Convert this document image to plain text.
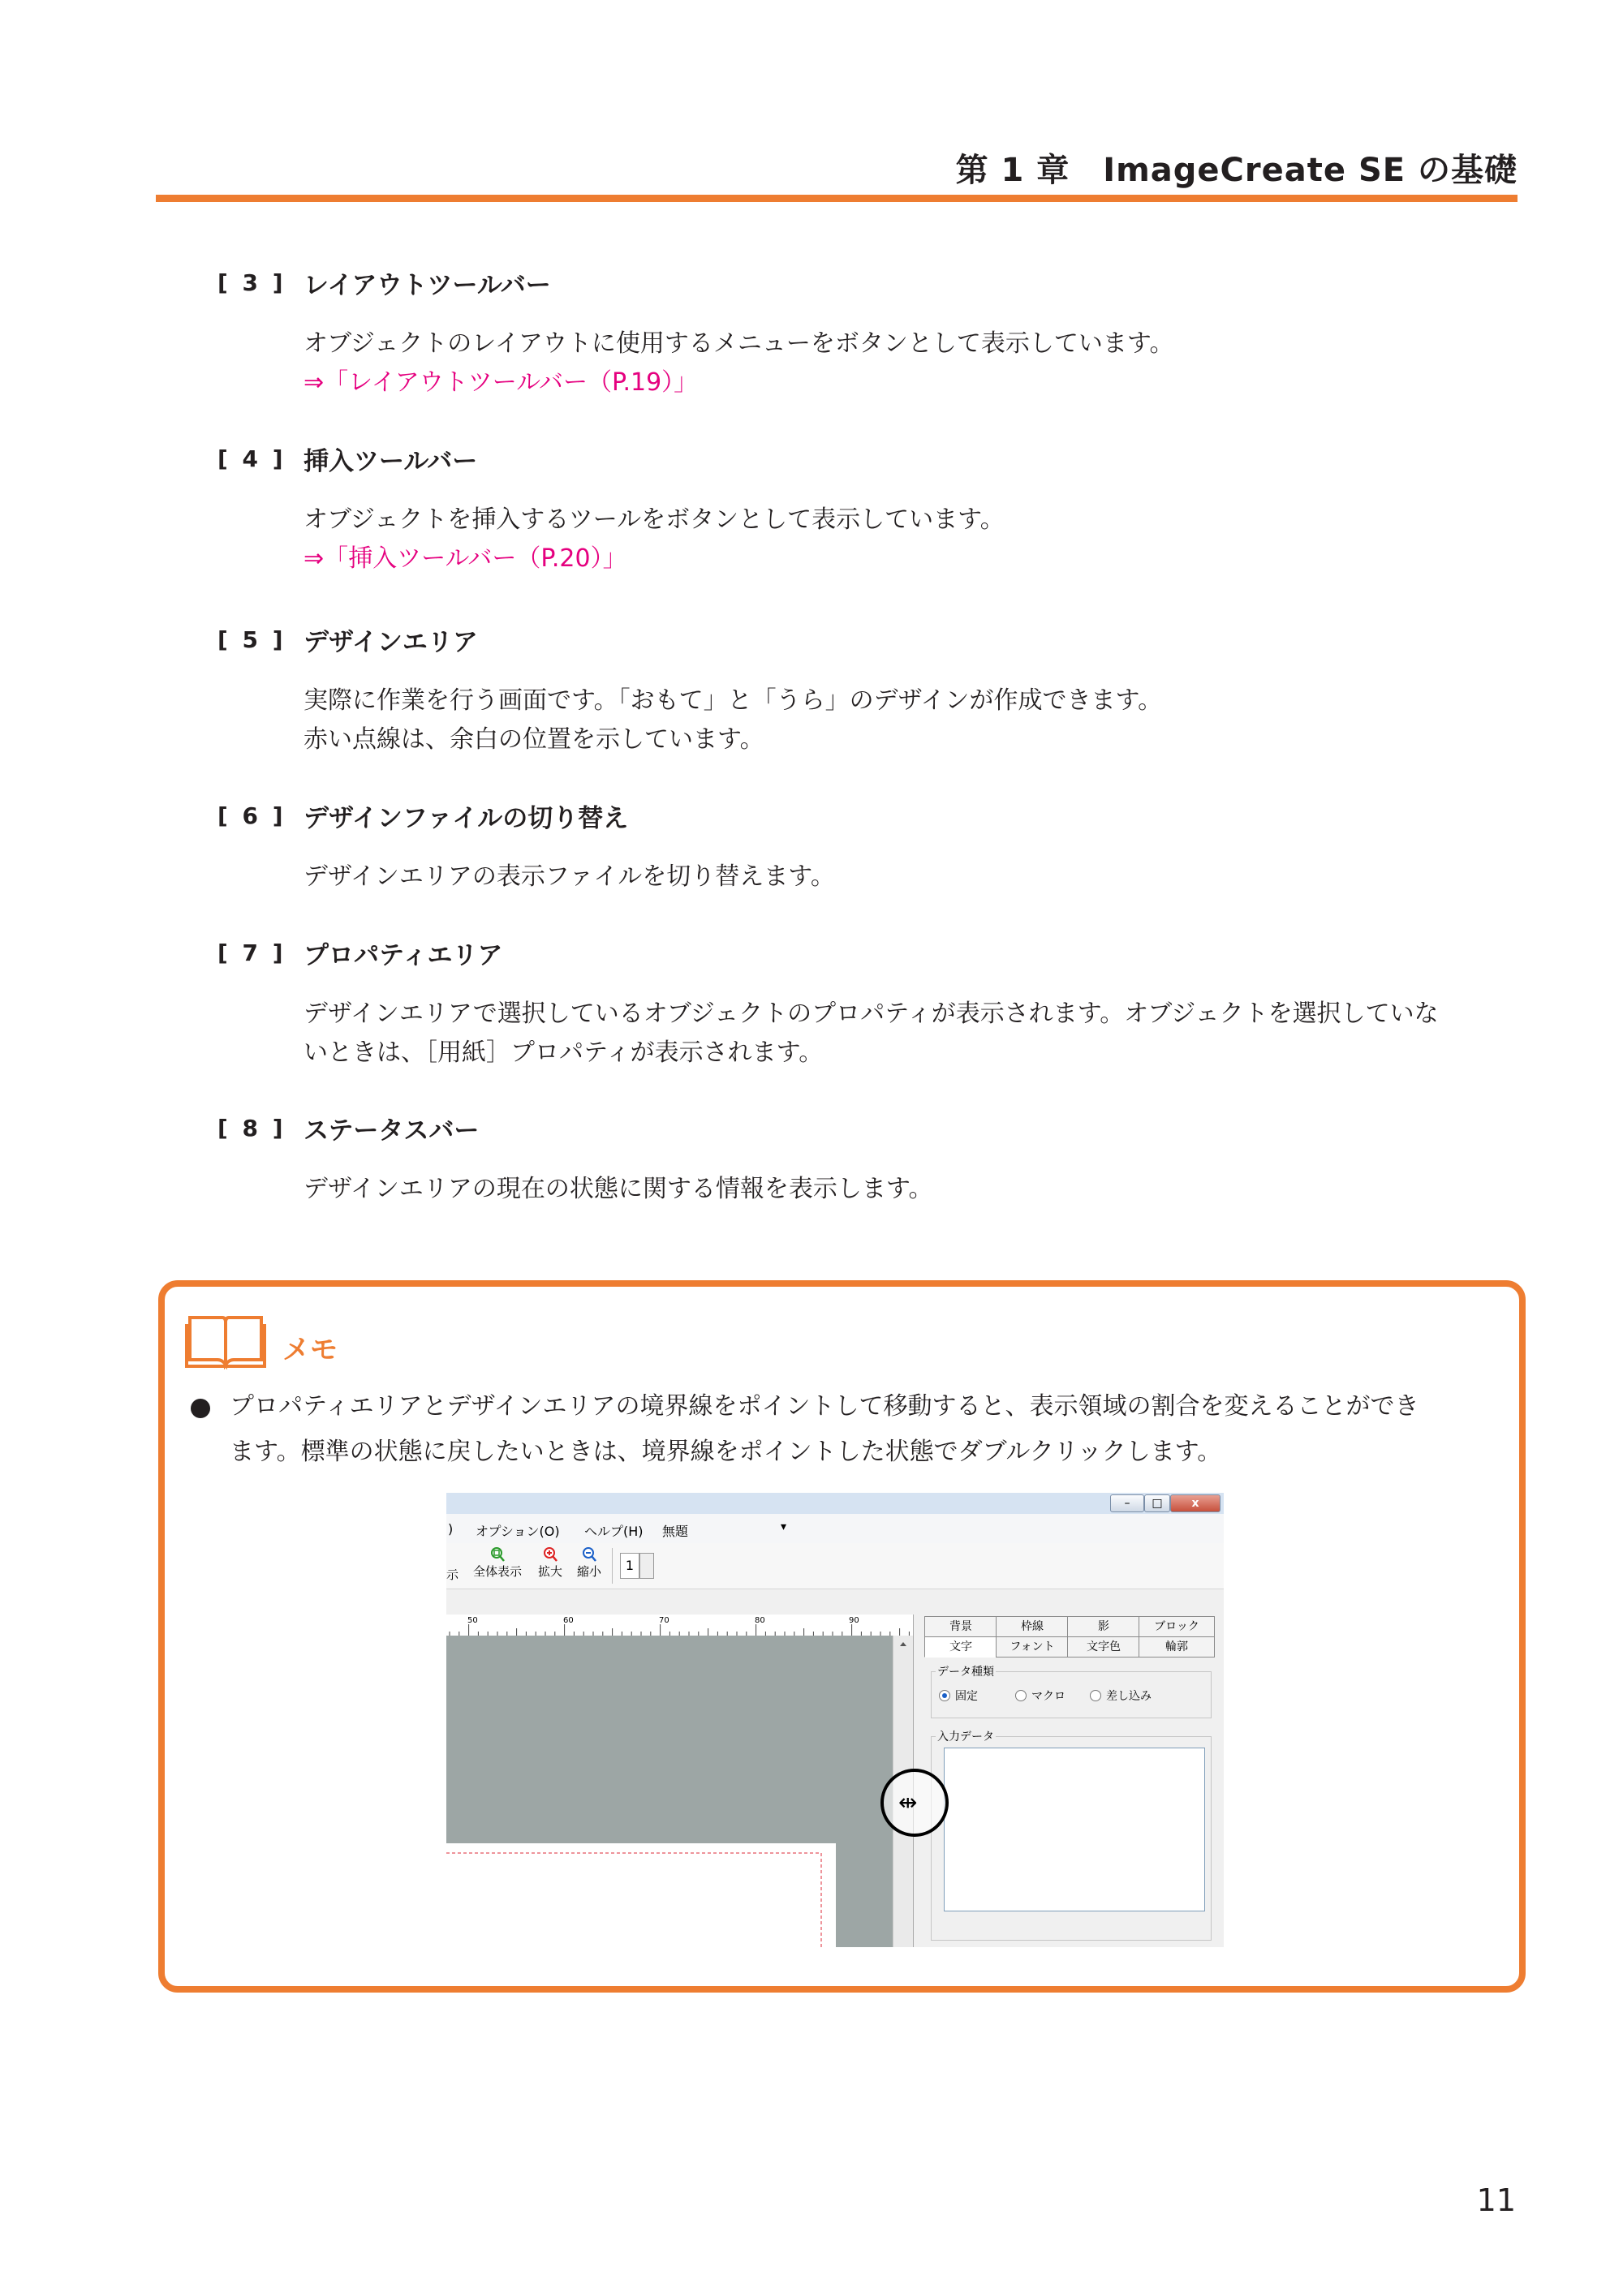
第 1 章　ImageCreate SE の基礎
[ 3 ] レイアウトツールバー
オブジェクトのレイアウトに使用するメニューをボタンとして表示しています。
⇒「レイアウトツールバー（P.19）」
[ 4 ] 挿入ツールバー
オブジェクトを挿入するツールをボタンとして表示しています。
⇒「挿入ツールバー（P.20）」
[ 5 ] デザインエリア
実際に作業を行う画面です。「おもて」と「うら」のデザインが作成できます。
赤い点線は、余白の位置を示しています。
[ 6 ] デザインファイルの切り替え
デザインエリアの表示ファイルを切り替えます。
[ 7 ] プロパティエリア
デザインエリアで選択しているオブジェクトのプロパティが表示されます。オブジェクトを選択していな
いときは、［用紙］プロパティが表示されます。
[ 8 ] ステータスバー
デザインエリアの現在の状態に関する情報を表示します。
メモ
プロパティエリアとデザインエリアの境界線をポイントして移動すると、表示領域の割合を変えることができ
ます。標準の状態に戻したいときは、境界線をポイントした状態でダブルクリックします。
–	□	x
) オプション(O) ヘルプ(H) 無題	▾
示 全体表示 拡大 縮小	1
50	60	70	80	90	背景	枠線	影	ブロック
文字	フォント	文字色	輪郭
データ種類
固定	マクロ	差し込み
入力データ
⇹
11
